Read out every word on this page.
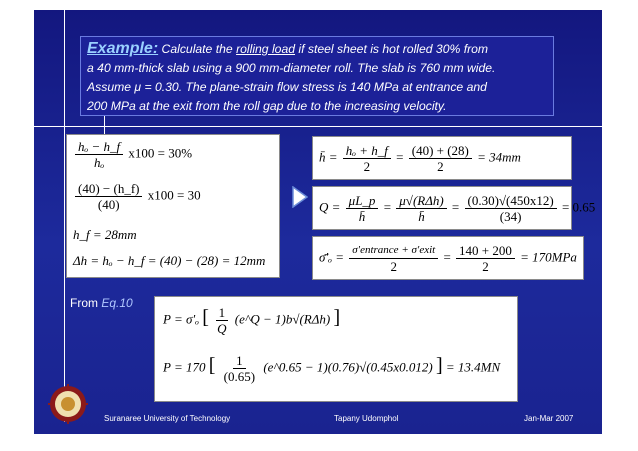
Example: Calculate the rolling load if steel sheet is hot rolled 30% from
a 40 mm-thick slab using a 900 mm-diameter roll. The slab is 760 mm wide.
Assume μ = 0.30. The plane-strain flow stress is 140 MPa at entrance and
200 MPa at the exit from the roll gap due to the increasing velocity.
$\frac{\text{hₒ − h\_f}}{\text{hₒ}} x100 = 30\%$
$\frac{(40) - (h\_f)}{(40)} x100 = 30$
h_f = 28mm
Δh = hₒ − h_f = (40) − (28) = 12mm
h̄ = $\frac{\text{hₒ + h\_f}}{2} = \frac{(40) + (28)}{2} = 34mm$
$Q = \frac{\mu L\_p}{h̄} = \frac{\text{μ√(RΔh)}}{h̄} = \frac{(0.30)√(450x12)}{(34)} = 0.65$
σ̄′ₒ = $\frac{\text{σ′entrance + σ′exit}}{2} = \frac{140 + 200}{2} = 170MPa$
From Eq.10
P = σ′ₒ [ $\frac{1}{Q}$ (e^Q − 1)b√(RΔh) ]
P = 170 [ $\frac{1}{(0.65)}$ (e^0.65 − 1)(0.76)√(0.45x0.012) ] = 13.4MN
Suranaree University of Technology	Tapany Udomphol	Jan-Mar 2007
